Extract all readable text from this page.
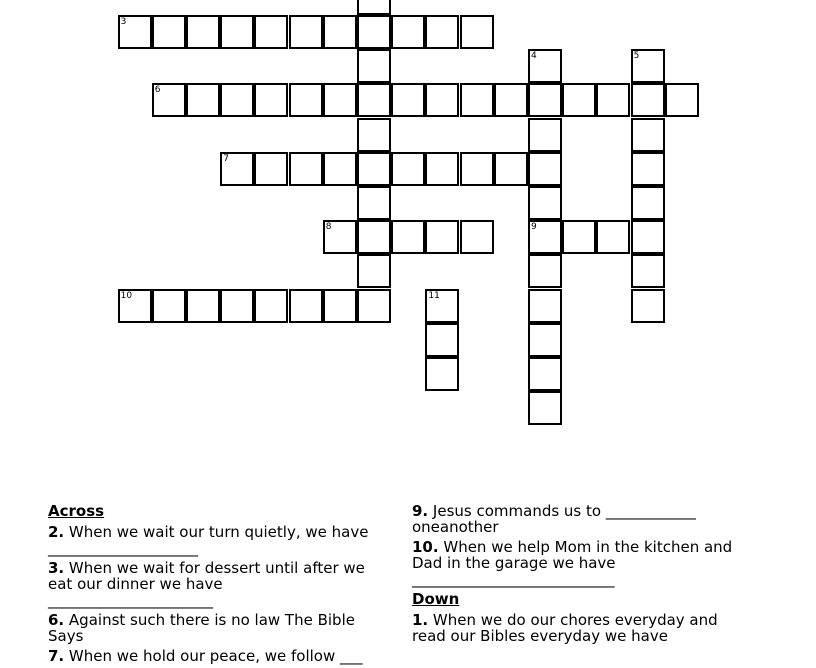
3
4
9
5
6
7
8
10	11
Across
2. When we wait our turn quietly, we have ____________________
3. When we wait for dessert until after we eat our dinner we have ______________________
6. Against such there is no law The Bible Says
7. When we hold our peace, we follow ___
9. Jesus commands us to ____________ oneanother
10. When we help Mom in the kitchen and Dad in the garage we have ___________________________
Down
1. When we do our chores everyday and read our Bibles everyday we have
